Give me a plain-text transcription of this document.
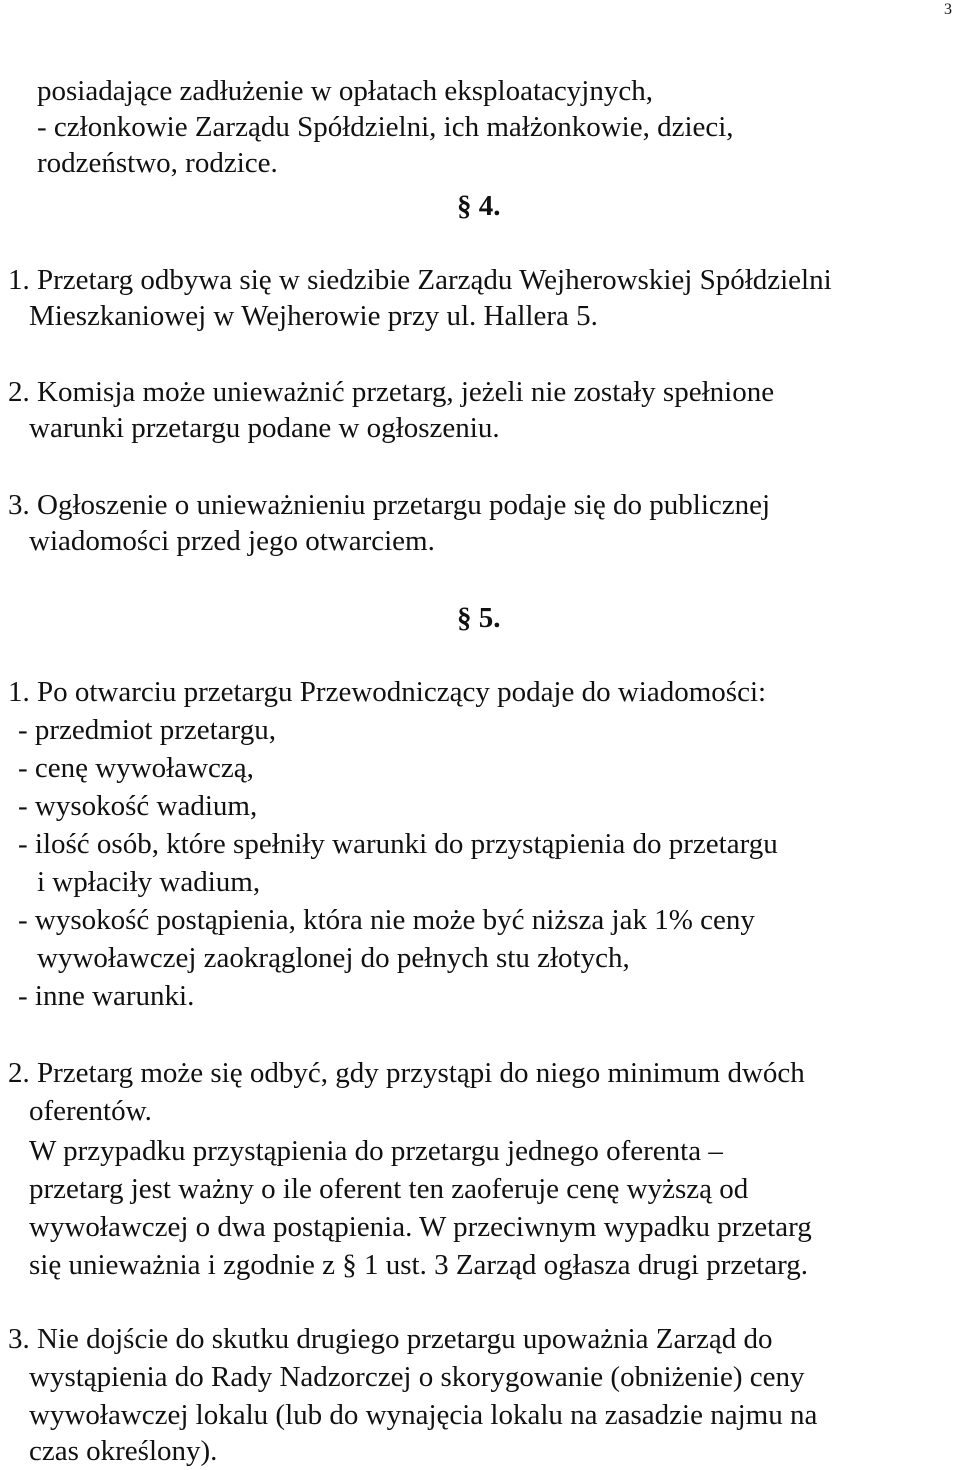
3
posiadające zadłużenie w opłatach eksploatacyjnych,
- członkowie Zarządu Spółdzielni, ich małżonkowie, dzieci,
rodzeństwo, rodzice.
§ 4.
1. Przetarg odbywa się w siedzibie Zarządu Wejherowskiej Spółdzielni
Mieszkaniowej w Wejherowie przy ul. Hallera 5.
2. Komisja może unieważnić przetarg, jeżeli nie zostały spełnione
warunki przetargu podane w ogłoszeniu.
3. Ogłoszenie o unieważnieniu przetargu podaje się do publicznej
wiadomości przed jego otwarciem.
§ 5.
1. Po otwarciu przetargu Przewodniczący podaje do wiadomości:
- przedmiot przetargu,
- cenę wywoławczą,
- wysokość wadium,
- ilość osób, które spełniły warunki do przystąpienia do przetargu
i wpłaciły wadium,
- wysokość postąpienia, która nie może być niższa jak 1% ceny
wywoławczej zaokrąglonej do pełnych stu złotych,
- inne warunki.
2. Przetarg może się odbyć, gdy przystąpi do niego minimum dwóch
oferentów.
W przypadku przystąpienia do przetargu jednego oferenta –
przetarg jest ważny o ile oferent ten zaoferuje cenę wyższą od
wywoławczej o dwa postąpienia. W przeciwnym wypadku przetarg
się unieważnia i zgodnie z § 1 ust. 3 Zarząd ogłasza drugi przetarg.
3. Nie dojście do skutku drugiego przetargu upoważnia Zarząd do
wystąpienia do Rady Nadzorczej o skorygowanie (obniżenie) ceny
wywoławczej lokalu (lub do wynajęcia lokalu na zasadzie najmu na
czas określony).
